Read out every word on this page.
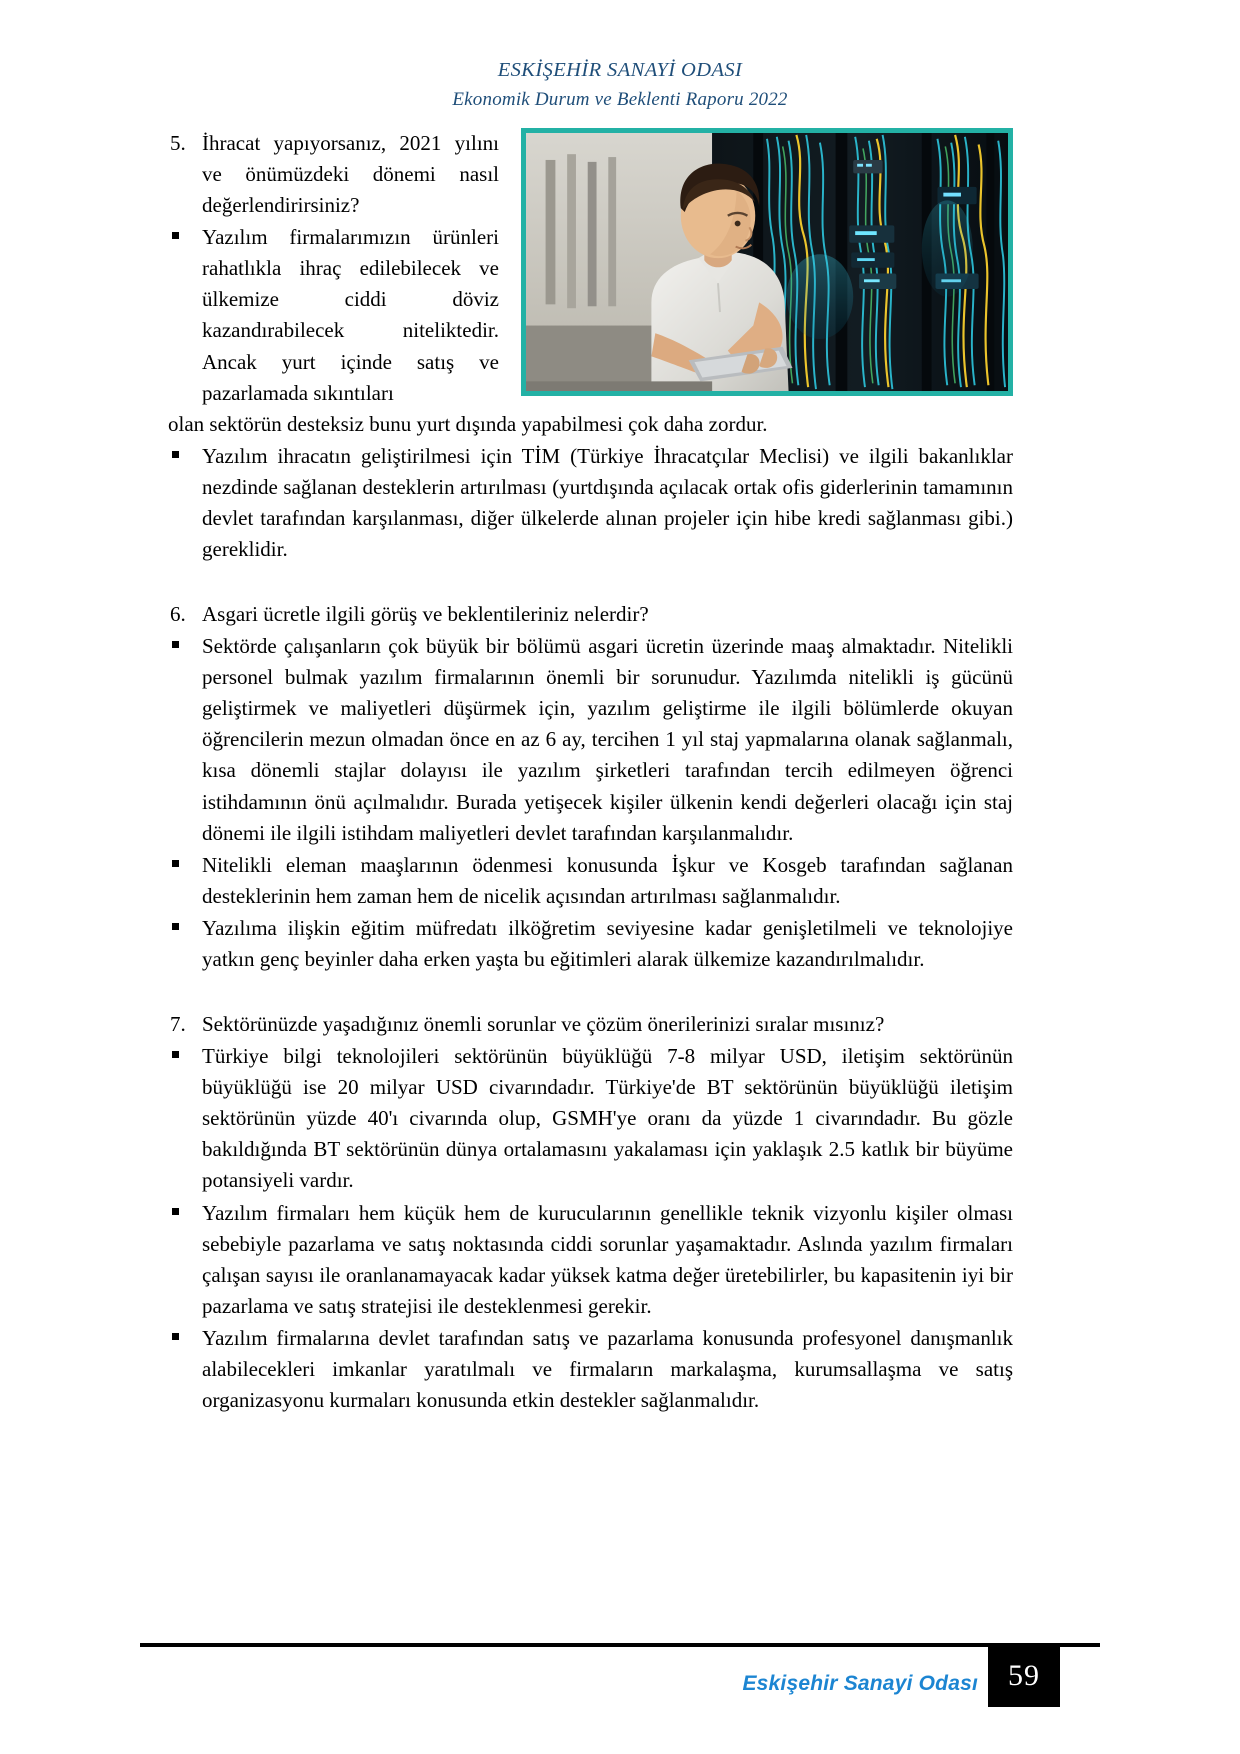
ESKİŞEHİR SANAYİ ODASI
Ekonomik Durum ve Beklenti Raporu 2022
5. İhracat yapıyorsanız, 2021 yılını ve önümüzdeki dönemi nasıl değerlendirirsiniz?
Yazılım firmalarımızın ürünleri rahatlıkla ihraç edilebilecek ve ülkemize ciddi döviz kazandırabilecek niteliktedir. Ancak yurt içinde satış ve pazarlamada sıkıntıları
olan sektörün desteksiz bunu yurt dışında yapabilmesi çok daha zordur.
Yazılım ihracatın geliştirilmesi için TİM (Türkiye İhracatçılar Meclisi) ve ilgili bakanlıklar nezdinde sağlanan desteklerin artırılması (yurtdışında açılacak ortak ofis giderlerinin tamamının devlet tarafından karşılanması, diğer ülkelerde alınan projeler için hibe kredi sağlanması gibi.) gereklidir.
6. Asgari ücretle ilgili görüş ve beklentileriniz nelerdir?
Sektörde çalışanların çok büyük bir bölümü asgari ücretin üzerinde maaş almaktadır. Nitelikli personel bulmak yazılım firmalarının önemli bir sorunudur. Yazılımda nitelikli iş gücünü geliştirmek ve maliyetleri düşürmek için, yazılım geliştirme ile ilgili bölümlerde okuyan öğrencilerin mezun olmadan önce en az 6 ay, tercihen 1 yıl staj yapmalarına olanak sağlanmalı, kısa dönemli stajlar dolayısı ile yazılım şirketleri tarafından tercih edilmeyen öğrenci istihdamının önü açılmalıdır. Burada yetişecek kişiler ülkenin kendi değerleri olacağı için staj dönemi ile ilgili istihdam maliyetleri devlet tarafından karşılanmalıdır.
Nitelikli eleman maaşlarının ödenmesi konusunda İşkur ve Kosgeb tarafından sağlanan desteklerinin hem zaman hem de nicelik açısından artırılması sağlanmalıdır.
Yazılıma ilişkin eğitim müfredatı ilköğretim seviyesine kadar genişletilmeli ve teknolojiye yatkın genç beyinler daha erken yaşta bu eğitimleri alarak ülkemize kazandırılmalıdır.
7. Sektörünüzde yaşadığınız önemli sorunlar ve çözüm önerilerinizi sıralar mısınız?
Türkiye bilgi teknolojileri sektörünün büyüklüğü 7-8 milyar USD, iletişim sektörünün büyüklüğü ise 20 milyar USD civarındadır. Türkiye'de BT sektörünün büyüklüğü iletişim sektörünün yüzde 40'ı civarında olup, GSMH'ye oranı da yüzde 1 civarındadır. Bu gözle bakıldığında BT sektörünün dünya ortalamasını yakalaması için yaklaşık 2.5 katlık bir büyüme potansiyeli vardır.
Yazılım firmaları hem küçük hem de kurucularının genellikle teknik vizyonlu kişiler olması sebebiyle pazarlama ve satış noktasında ciddi sorunlar yaşamaktadır. Aslında yazılım firmaları çalışan sayısı ile oranlanamayacak kadar yüksek katma değer üretebilirler, bu kapasitenin iyi bir pazarlama ve satış stratejisi ile desteklenmesi gerekir.
Yazılım firmalarına devlet tarafından satış ve pazarlama konusunda profesyonel danışmanlık alabilecekleri imkanlar yaratılmalı ve firmaların markalaşma, kurumsallaşma ve satış organizasyonu kurmaları konusunda etkin destekler sağlanmalıdır.
Eskişehir Sanayi Odası	59
